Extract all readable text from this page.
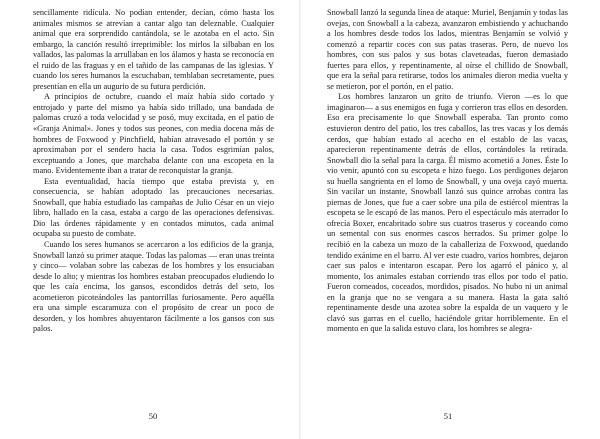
sencillamente ridícula. No podían entender, decían, cómo hasta los animales mismos se atrevían a cantar algo tan deleznable. Cualquier animal que era sorprendido cantándola, se le azotaba en el acto. Sin embargo, la canción resultó irreprimible: los mirlos la silbaban en los vallados, las palomas la arrullaban en los álamos y hasta se reconocía en el ruido de las fraguas y en el tañido de las campanas de las iglesias. Y cuando los seres humanos la escuchaban, temblaban secretamente, pues presentían en ella un augurio de su futura perdición.

A principios de octubre, cuando el maíz había sido cortado y entrojado y parte del mismo ya había sido trillado, una bandada de palomas cruzó a toda velocidad y se posó, muy excitada, en el patio de «Granja Animal». Jones y todos sus peones, con media docena más de hombres de Foxwood y Pinchfield, habían atravesado el portón y se aproximaban por el sendero hacia la casa. Todos esgrimían palos, exceptuando a Jones, que marchaba delante con una escopeta en la mano. Evidentemente iban a tratar de reconquistar la granja.

Esta eventualidad, hacía tiempo que estaba prevista y, en consecuencia, se habían adoptado las precauciones necesarias. Snowball, que había estudiado las campañas de Julio César en un viejo libro, hallado en la casa, estaba a cargo de las operaciones defensivas. Dio las órdenes rápidamente y en contados minutos, cada animal ocupaba su puesto de combate.

Cuando los seres humanos se acercaron a los edificios de la granja, Snowball lanzó su primer ataque. Todas las palomas — eran unas treinta y cinco— volaban sobre las cabezas de los hombres y los ensuciaban desde lo alto; y mientras los hombres estaban preocupados eludiendo lo que les caía encima, los gansos, escondidos detrás del seto, los acometieron picoteándoles las pantorrillas furiosamente. Pero aquélla era una simple escaramuza con el propósito de crear un poco de desorden, y los hombres ahuyentaron fácilmente a los gansos con sus palos.

50

Snowball lanzó la segunda línea de ataque: Muriel, Benjamín y todas las ovejas, con Snowball a la cabeza, avanzaron embistiendo y achuchando a los hombres desde todos los lados, mientras Benjamín se volvió y comenzó a repartir coces con sus patas traseras. Pero, de nuevo los hombres, con sus palos y sus botas claveteadas, fueron demasiado fuertes para ellos, y repentinamente, al oírse el chillido de Snowball, que era la señal para retirarse, todos los animales dieron media vuelta y se metieron, por el portón, en el patio.

Los hombres lanzaron un grito de triunfo. Vieron —es lo que imaginaron— a sus enemigos en fuga y corrieron tras ellos en desorden. Eso era precisamente lo que Snowball esperaba. Tan pronto como estuvieron dentro del patio, los tres caballos, las tres vacas y los demás cerdos, que habían estado al acecho en el establo de las vacas, aparecieron repentinamente detrás de ellos, cortándoles la retirada. Snowball dio la señal para la carga. Él mismo acometió a Jones. Éste lo vio venir, apuntó con su escopeta e hizo fuego. Los perdigones dejaron su huella sangrienta en el lomo de Snowball, y una oveja cayó muerta. Sin vacilar un instante, Snowball lanzó sus quince arrobas contra las piernas de Jones, que fue a caer sobre una pila de estiércol mientras la escopeta se le escapó de las manos. Pero el espectáculo más aterrador lo ofrecía Boxer, encabritado sobre sus cuatros traseros y coceando como un semental con sus enormes cascos herrados. Su primer golpe lo recibió en la cabeza un mozo de la caballeriza de Foxwood, quedando tendido exánime en el barro. Al ver este cuadro, varios hombres, dejaron caer sus palos e intentaron escapar. Pero los agarró el pánico y, al momento, los animales estaban corriendo tras ellos por todo el patio. Fueron corneados, coceados, mordidos, pisados. No hubo ni un animal en la granja que no se vengara a su manera. Hasta la gata saltó repentinamente desde una azotea sobre la espalda de un vaquero y le clavó sus garras en el cuello, haciéndole gritar horriblemente. En el momento en que la salida estuvo clara, los hombres se alegra-

51
